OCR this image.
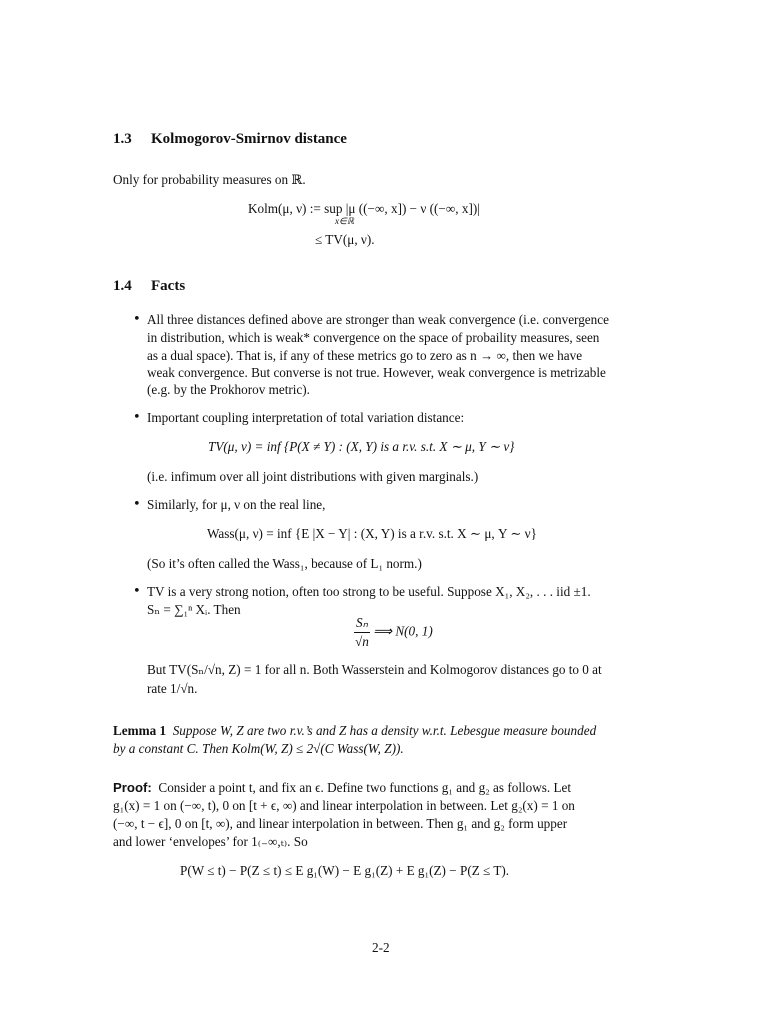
1.3 Kolmogorov-Smirnov distance
Only for probability measures on ℝ.
Kolm(μ, ν) := sup |μ ((−∞, x]) − ν ((−∞, x])|
x∈ℝ
≤ TV(μ, ν).
1.4 Facts
• All three distances defined above are stronger than weak convergence (i.e. convergence
in distribution, which is weak* convergence on the space of probaility measures, seen
as a dual space). That is, if any of these metrics go to zero as n → ∞, then we have
weak convergence. But converse is not true. However, weak convergence is metrizable
(e.g. by the Prokhorov metric).
• Important coupling interpretation of total variation distance:
TV(μ, ν) = inf {P(X ≠ Y) : (X, Y) is a r.v. s.t. X ∼ μ, Y ∼ ν}
(i.e. infimum over all joint distributions with given marginals.)
• Similarly, for μ, ν on the real line,
Wass(μ, ν) = inf {E |X − Y| : (X, Y) is a r.v. s.t. X ∼ μ, Y ∼ ν}
(So it’s often called the Wass₁, because of L₁ norm.)
• TV is a very strong notion, often too strong to be useful. Suppose X₁, X₂, . . . iid ±1.
Sₙ = ∑₁ⁿ Xᵢ. Then
$\frac{\text{Sₙ}}{√n}$ ⟹ N(0, 1)
But TV(Sₙ/√n, Z) = 1 for all n. Both Wasserstein and Kolmogorov distances go to 0 at
rate 1/√n.
Lemma 1 Suppose W, Z are two r.v.’s and Z has a density w.r.t. Lebesgue measure bounded
by a constant C. Then Kolm(W, Z) ≤ 2√(C Wass(W, Z)).
Proof: Consider a point t, and fix an ϵ. Define two functions g₁ and g₂ as follows. Let
g₁(x) = 1 on (−∞, t), 0 on [t + ϵ, ∞) and linear interpolation in between. Let g₂(x) = 1 on
(−∞, t − ϵ], 0 on [t, ∞), and linear interpolation in between. Then g₁ and g₂ form upper
and lower ‘envelopes’ for 1₍₋∞,ₜ₎. So
P(W ≤ t) − P(Z ≤ t) ≤ E g₁(W) − E g₁(Z) + E g₁(Z) − P(Z ≤ T).
2-2
